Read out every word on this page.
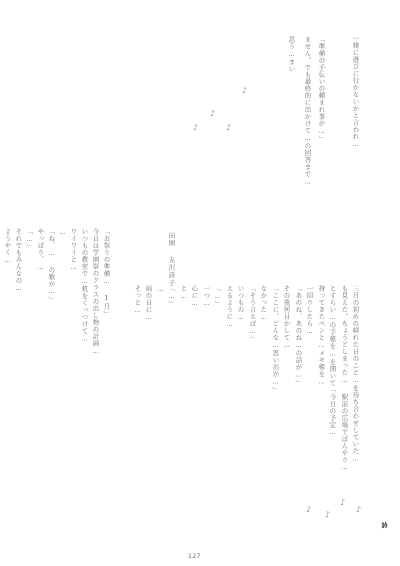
一緒に遊びに行かないかと言われ…
「準備の手伝いの頼まれ事が…」
ません。でも最終的に出かけて…の回答まで…
思う…まい
♪
♪
♪
♪
田園 友沢詩子
三月の初めの晴れた日のこと…を待ち合わせしていた…
も見えた。ちょうどしまった… 駅前の広場でぼんやり…
とすらい…の手帳を…を開いて「今日の予定…
持ってきたペンと…メモ帳を…
一回りしたら…
「あのね、あのね…の話が…」
その後何日かして…
「ここに、どんな…思い出が…」
なかった…
「そう言えば…」
いつもの…
えるように…
「…」
一つ…
心に…
と…
「…」
…
雨の日に…
そっと…
♪
♪
♪
♪
「お祭りの準備… 1月」
今日は学園祭のクラスの出し物の計画…
いつもの教室で…机をくっつけて…
ワイワイと…
…
「ね、… の歌が…」
やっぱり、…
「…」
それでもみんなの…
ようやく…
127
詩
